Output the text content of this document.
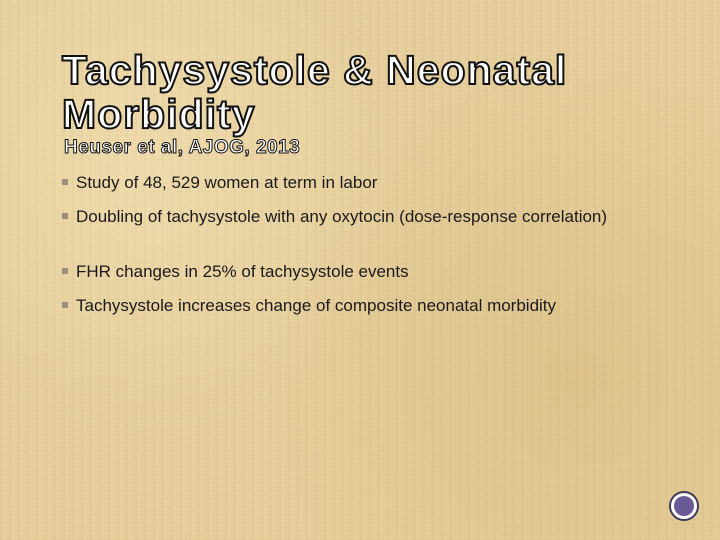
Tachysystole & Neonatal Morbidity
Heuser et al, AJOG, 2013
Study of 48, 529 women at term in labor
Doubling of tachysystole with any oxytocin (dose-response correlation)
FHR changes in 25% of tachysystole events
Tachysystole increases change of composite neonatal morbidity
